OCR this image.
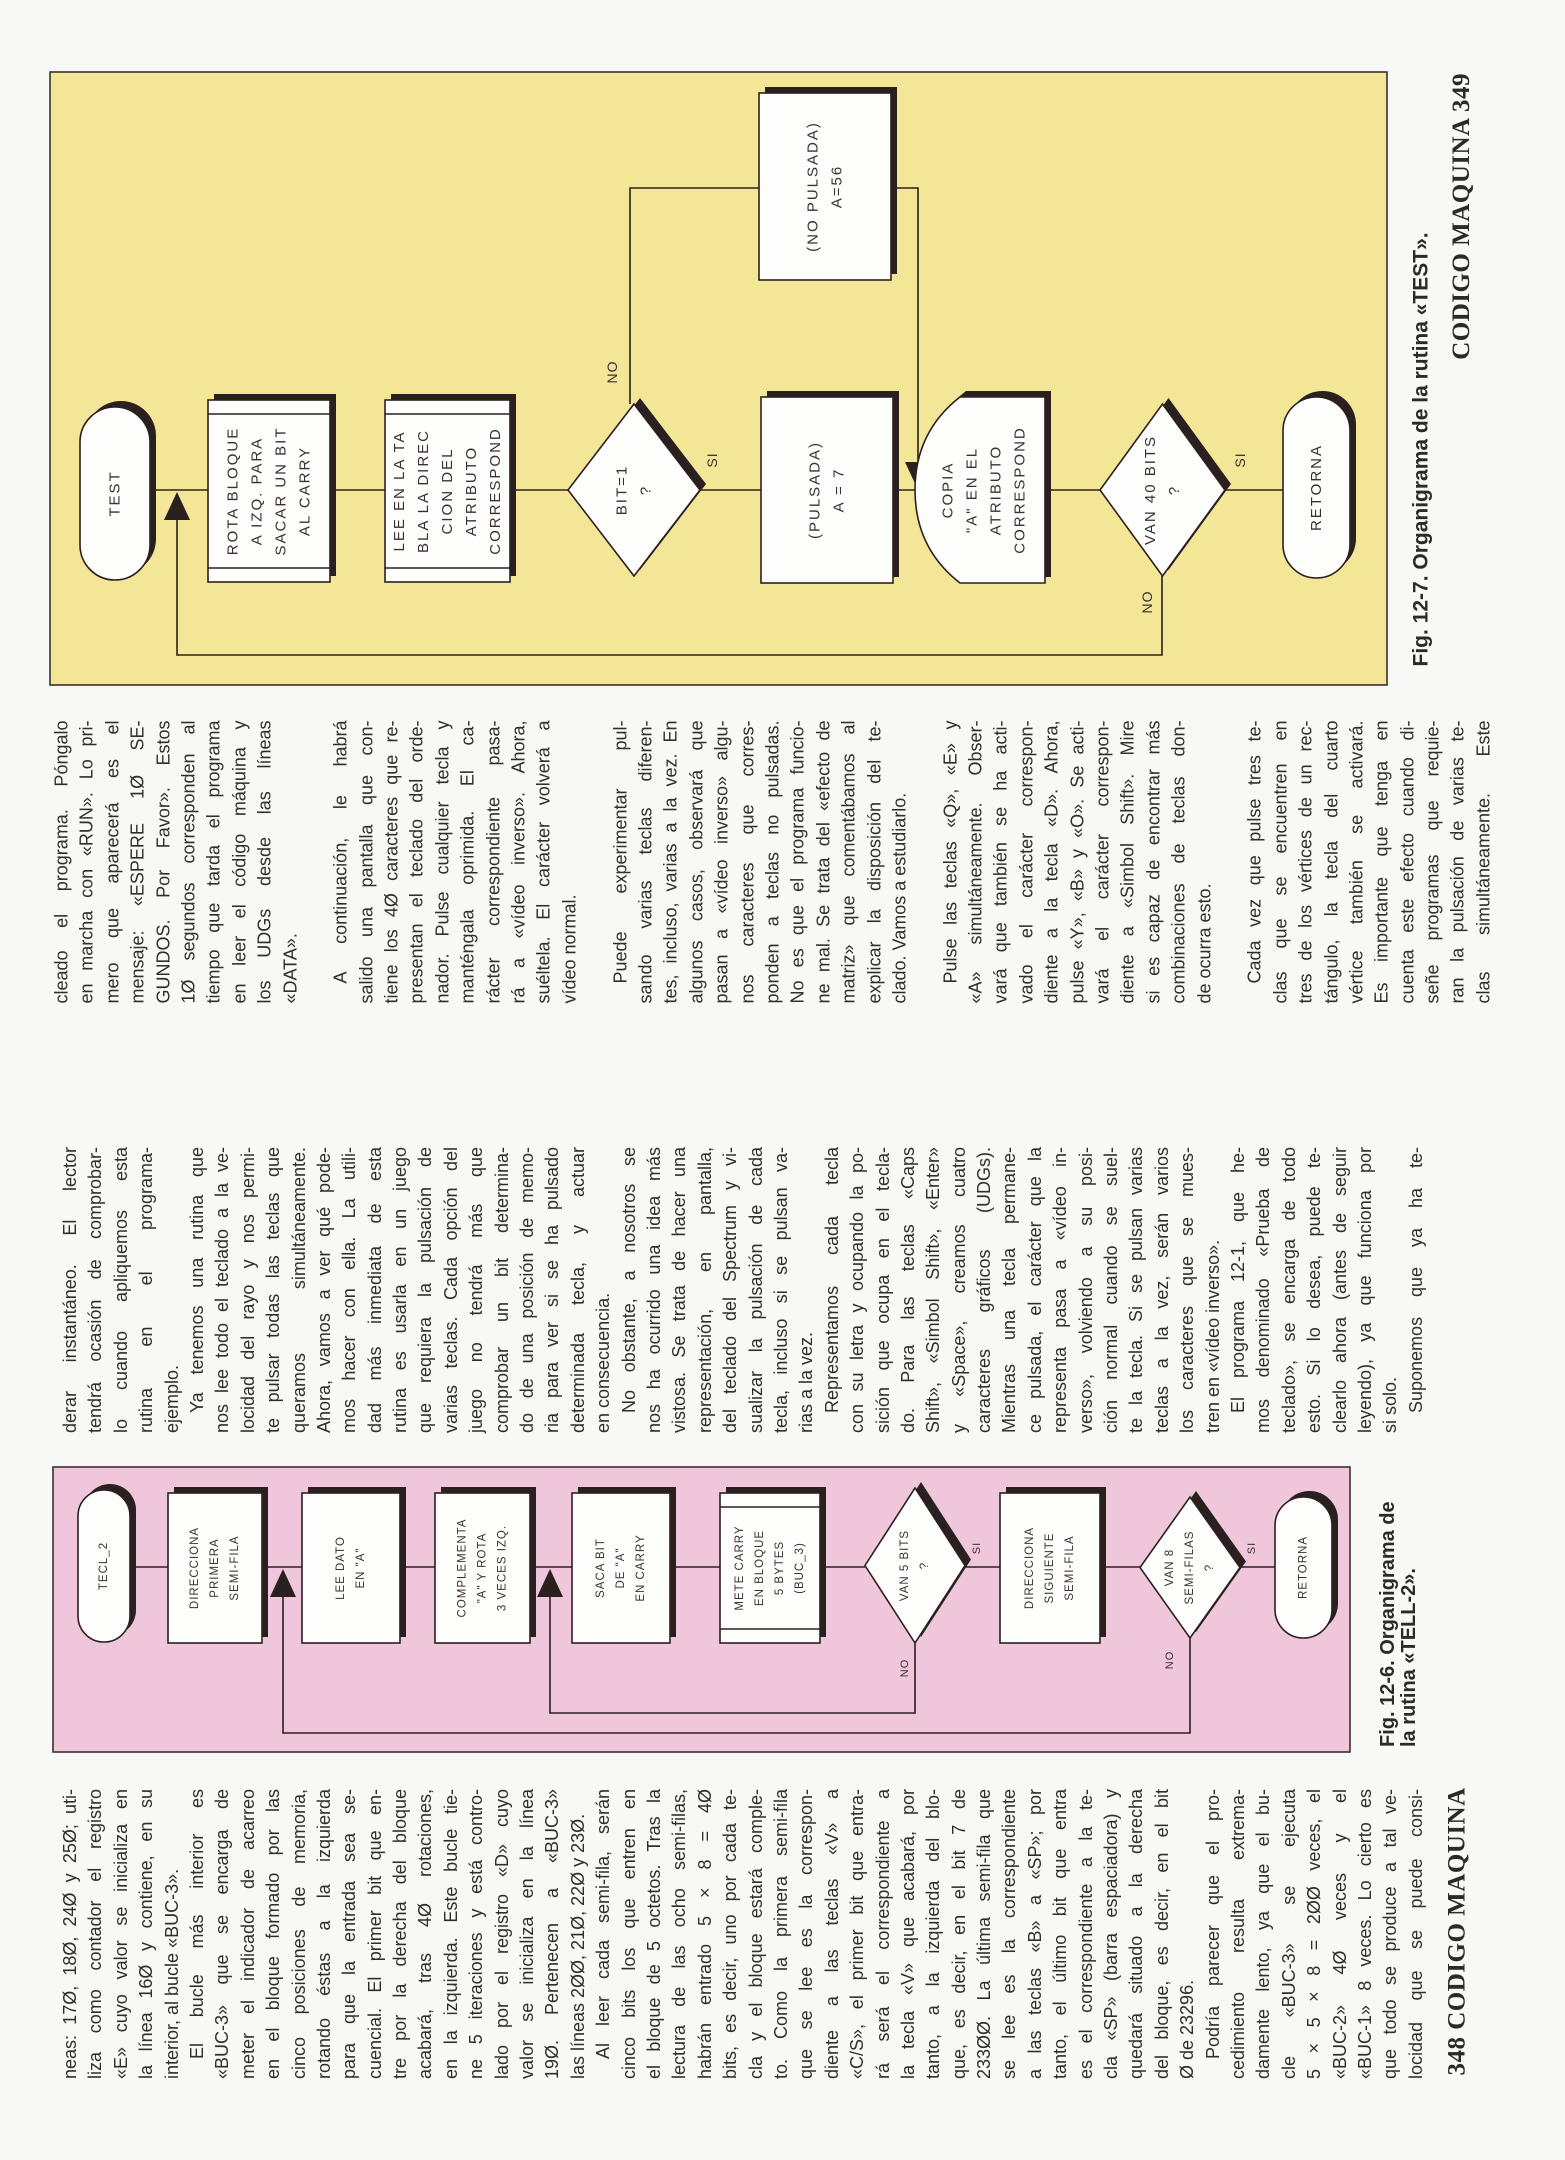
cleado el programa. Póngalo en marcha con «RUN». Lo pri- mero que aparecerá es el mensaje: «ESPERE 1Ø SE- GUNDOS. Por Favor». Estos 1Ø segundos corresponden al tiempo que tarda el programa en leer el código máquina y los UDGs desde las líneas «DATA». A continuación, le habrá salido una pantalla que con- tiene los 4Ø caracteres que re- presentan el teclado del orde- nador. Pulse cualquier tecla y manténgala oprimida. El ca- rácter correspondiente pasa- rá a «vídeo inverso». Ahora, suéltela. El carácter volverá a vídeo normal. Puede experimentar pul- sando varias teclas diferen- tes, incluso, varias a la vez. En algunos casos, observará que pasan a «vídeo inverso» algu- nos caracteres que corres- ponden a teclas no pulsadas. No es que el programa funcio- ne mal. Se trata del «efecto de matriz» que comentábamos al explicar la disposición del te- clado. Vamos a estudiarlo. Pulse las teclas «Q», «E» y «A» simultáneamente. Obser- vará que también se ha acti- vado el carácter correspon- diente a la tecla «D». Ahora, pulse «Y», «B» y «O». Se acti- vará el carácter correspon- diente a «Simbol Shift». Mire si es capaz de encontrar más combinaciones de teclas don- de ocurra esto. Cada vez que pulse tres te- clas que se encuentren en tres de los vértices de un rec- tángulo, la tecla del cuarto vértice también se activará. Es importante que tenga en cuenta este efecto cuando di- señe programas que requie- ran la pulsación de varias te- clas simultáneamente. Este
derar instantáneo. El lector tendrá ocasión de comprobar- lo cuando apliquemos esta rutina en el programa- ejemplo. Ya tenemos una rutina que nos lee todo el teclado a la ve- locidad del rayo y nos permi- te pulsar todas las teclas que queramos simultáneamente. Ahora, vamos a ver qué pode- mos hacer con ella. La utili- dad más inmediata de esta rutina es usarla en un juego que requiera la pulsación de varias teclas. Cada opción del juego no tendrá más que comprobar un bit determina- do de una posición de memo- ria para ver si se ha pulsado determinada tecla, y actuar en consecuencia. No obstante, a nosotros se nos ha ocurrido una idea más vistosa. Se trata de hacer una representación, en pantalla, del teclado del Spectrum y vi- sualizar la pulsación de cada tecla, incluso si se pulsan va- rias a la vez. Representamos cada tecla con su letra y ocupando la po- sición que ocupa en el tecla- do. Para las teclas «Caps Shift», «Simbol Shift», «Enter» y «Space», creamos cuatro caracteres gráficos (UDGs). Mientras una tecla permane- ce pulsada, el carácter que la representa pasa a «vídeo in- verso», volviendo a su posi- ción normal cuando se suel- te la tecla. Si se pulsan varias teclas a la vez, serán varios los caracteres que se mues- tren en «vídeo inverso». El programa 12-1, que he- mos denominado «Prueba de teclado», se encarga de todo esto. Si lo desea, puede te- clearlo ahora (antes de seguir leyendo), ya que funciona por si solo. Suponemos que ya ha te-
neas: 17Ø, 18Ø, 24Ø y 25Ø; uti- liza como contador el registro «E» cuyo valor se inicializa en la línea 16Ø y contiene, en su interior, al bucle «BUC-3». El bucle más interior es «BUC-3» que se encarga de meter el indicador de acarreo en el bloque formado por las cinco posiciones de memoria, rotando éstas a la izquierda para que la entrada sea se- cuencial. El primer bit que en- tre por la derecha del bloque acabará, tras 4Ø rotaciones, en la izquierda. Este bucle tie- ne 5 iteraciones y está contro- lado por el registro «D» cuyo valor se inicializa en la línea 19Ø. Pertenecen a «BUC-3» las líneas 2ØØ, 21Ø, 22Ø y 23Ø. Al leer cada semi-fila, serán cinco bits los que entren en el bloque de 5 octetos. Tras la lectura de las ocho semi-filas, habrán entrado 5 × 8 = 4Ø bits, es decir, uno por cada te- cla y el bloque estará comple- to. Como la primera semi-fila que se lee es la correspon- diente a las teclas «V» a «C/S», el primer bit que entra- rá será el correspondiente a la tecla «V» que acabará, por tanto, a la izquierda del blo- que, es decir, en el bit 7 de 233ØØ. La última semi-fila que se lee es la correspondiente a las teclas «B» a «SP»; por tanto, el último bit que entra es el correspondiente a la te- cla «SP» (barra espaciadora) y quedará situado a la derecha del bloque, es decir, en el bit Ø de 23296. Podría parecer que el pro- cedimiento resulta extrema- damente lento, ya que el bu- cle «BUC-3» se ejecuta 5 × 5 × 8 = 2ØØ veces, el «BUC-2» 4Ø veces y el «BUC-1» 8 veces. Lo cierto es que todo se produce a tal ve- locidad que se puede consi-
Fig. 12-7. Organigrama de la rutina «TEST».
CODIGO MAQUINA 349
Fig. 12-6. Organigrama de la rutina «TELL-2».
348 CODIGO MAQUINA
TEST	ROTA BLOQUE A IZQ. PARA SACAR UN BIT AL CARRY	LEE EN LA TA BLA LA DIREC CION DEL ATRIBUTO CORRESPOND	BIT=1 ?
(NO PULSADA) A=56
(PULSADA) A = 7	COPIA "A" EN EL ATRIBUTO CORRESPOND	VAN 40 BITS ?	RETORNA
NO
SI
NO
SI
TECL_2	DIRECCIONA PRIMERA SEMI-FILA	LEE DATO EN "A"	COMPLEMENTA "A" Y ROTA 3 VECES IZQ.	SACA BIT DE "A" EN CARRY	METE CARRY EN BLOQUE 5 BYTES (BUC_3)	VAN 5 BITS ?	DIRECCIONA SIGUIENTE SEMI-FILA	VAN 8 SEMI-FILAS ?	RETORNA
NO
SI
NO
SI
